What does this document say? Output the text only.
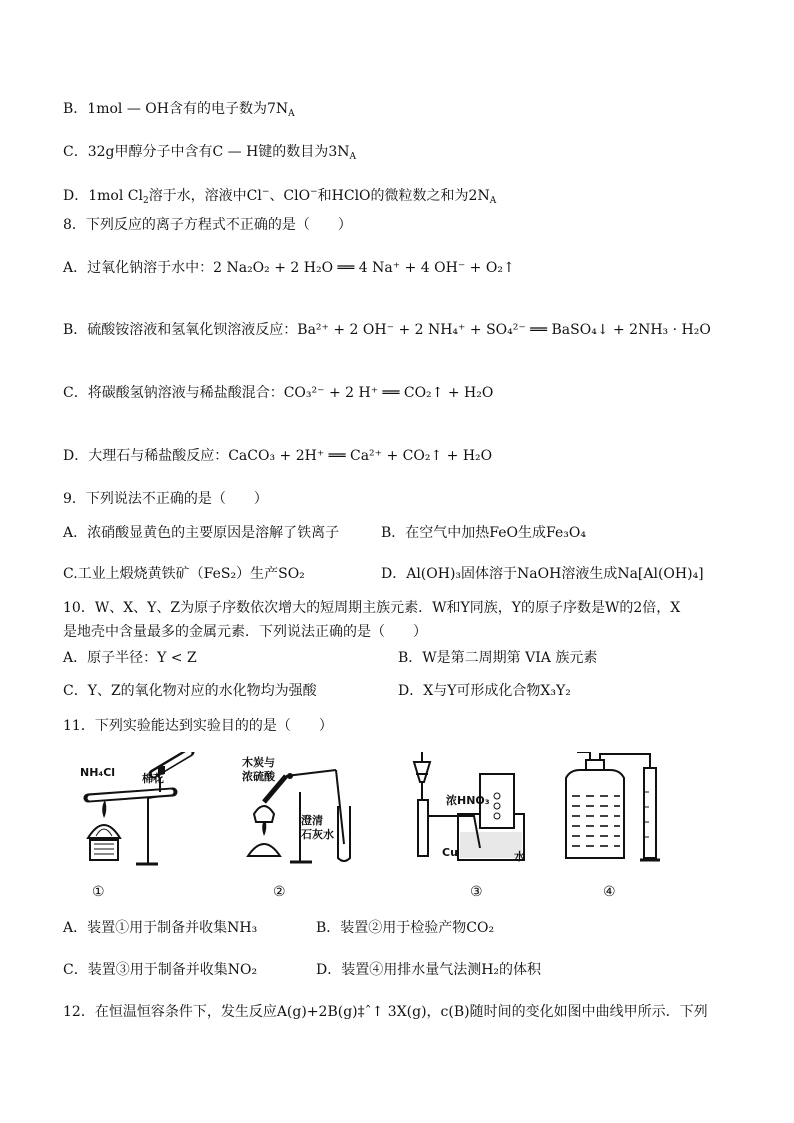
B．1mol — OH含有的电子数为$7N_A$
C．32g甲醇分子中含有C — H键的数目为$3N_A$
D．1mol $Cl_2$溶于水，溶液中Cl−、ClO−和HClO的微粒数之和为$2N_A$
8．下列反应的离子方程式不正确的是（　　）
A．过氧化钠溶于水中：2 Na₂O₂ + 2 H₂O ══ 4 Na⁺ + 4 OH⁻ + O₂↑
B．硫酸铵溶液和氢氧化钡溶液反应：Ba²⁺ + 2 OH⁻ + 2 NH₄⁺ + SO₄²⁻ ══ BaSO₄↓ + 2NH₃ · H₂O
C．将碳酸氢钠溶液与稀盐酸混合：CO₃²⁻ + 2 H⁺ ══ CO₂↑ + H₂O
D．大理石与稀盐酸反应：CaCO₃ + 2H⁺ ══ Ca²⁺ + CO₂↑ + H₂O
9．下列说法不正确的是（　　）
A．浓硝酸显黄色的主要原因是溶解了铁离子	B．在空气中加热FeO生成Fe₃O₄
C.工业上煅烧黄铁矿（FeS₂）生产SO₂	D．Al(OH)₃固体溶于NaOH溶液生成Na[Al(OH)₄]
10．W、X、Y、Z为原子序数依次增大的短周期主族元素．W和Y同族，Y的原子序数是W的2倍，X
是地壳中含量最多的金属元素．下列说法正确的是（　　）
A．原子半径：Y < Z	B．W是第二周期第 VIA 族元素
C．Y、Z的氧化物对应的水化物均为强酸	D．X与Y可形成化合物X₃Y₂
11．下列实验能达到实验目的的是（　　）
NH₄Cl 棉花
木炭与
浓硫酸
澄清
石灰水
浓HNO₃
Cu	水
①	②	③	④
A．装置①用于制备并收集NH₃	B．装置②用于检验产物CO₂
C．装置③用于制备并收集NO₂	D．装置④用排水量气法测H₂的体积
12．在恒温恒容条件下，发生反应A(g)+2B(g)‡ˆ↑ 3X(g)，c(B)随时间的变化如图中曲线甲所示．下列
